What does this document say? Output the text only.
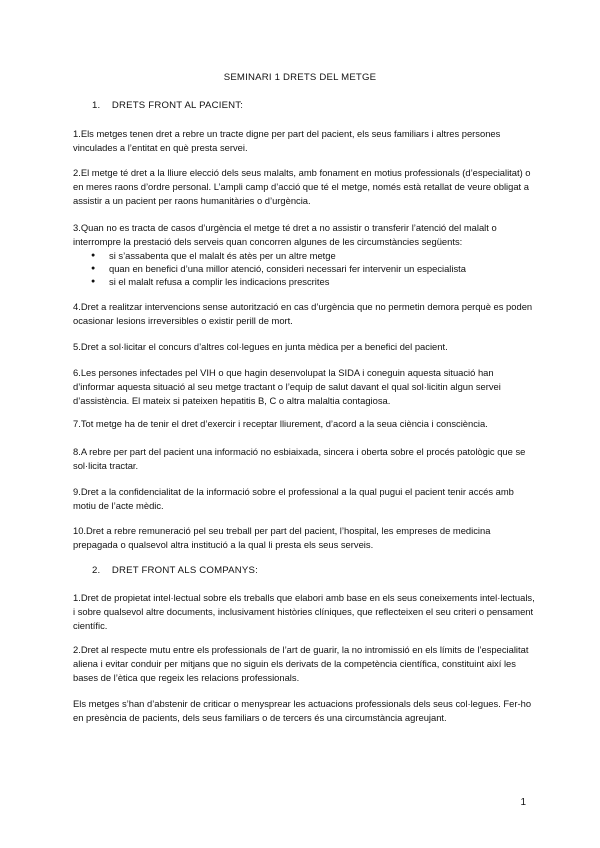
SEMINARI 1 DRETS DEL METGE
1. DRETS FRONT AL PACIENT:
1.Els metges tenen dret a rebre un tracte digne per part del pacient, els seus familiars i altres persones vinculades a l’entitat en què presta servei.
2.El metge té dret a la lliure elecció dels seus malalts, amb fonament en motius professionals (d’especialitat) o en meres raons d’ordre personal. L’ampli camp d’acció que té el metge, només està retallat de veure obligat a assistir a un pacient per raons humanitàries o d’urgència.
3.Quan no es tracta de casos d’urgència el metge té dret a no assistir o transferir l’atenció del malalt o interrompre la prestació dels serveis quan concorren algunes de les circumstàncies següents:
● si s’assabenta que el malalt és atès per un altre metge
● quan en benefici d’una millor atenció, consideri necessari fer intervenir un especialista
● si el malalt refusa a complir les indicacions prescrites
4.Dret a realitzar intervencions sense autorització en cas d’urgència que no permetin demora perquè es poden ocasionar lesions irreversibles o existir perill de mort.
5.Dret a sol·licitar el concurs d’altres col·legues en junta mèdica per a benefici del pacient.
6.Les persones infectades pel VIH o que hagin desenvolupat la SIDA i coneguin aquesta situació han d’informar aquesta situació al seu metge tractant o l’equip de salut davant el qual sol·licitin algun servei d’assistència. El mateix si pateixen hepatitis B, C o altra malaltia contagiosa.
7.Tot metge ha de tenir el dret d’exercir i receptar lliurement, d’acord a la seua ciència i consciència.
8.A rebre per part del pacient una informació no esbiaixada, sincera i oberta sobre el procés patològic que se sol·licita tractar.
9.Dret a la confidencialitat de la informació sobre el professional a la qual pugui el pacient tenir accés amb motiu de l’acte mèdic.
10.Dret a rebre remuneració pel seu treball per part del pacient, l’hospital, les empreses de medicina prepagada o qualsevol altra institució a la qual li presta els seus serveis.
2. DRET FRONT ALS COMPANYS:
1.Dret de propietat intel·lectual sobre els treballs que elabori amb base en els seus coneixements intel·lectuals, i sobre qualsevol altre documents, inclusivament històries clíniques, que reflecteixen el seu criteri o pensament científic.
2.Dret al respecte mutu entre els professionals de l’art de guarir, la no intromissió en els límits de l’especialitat aliena i evitar conduir per mitjans que no siguin els derivats de la competència científica, constituint així les bases de l’ètica que regeix les relacions professionals.
Els metges s’han d’abstenir de criticar o menysprear les actuacions professionals dels seus col·legues. Fer-ho en presència de pacients, dels seus familiars o de tercers és una circumstància agreujant.
1
